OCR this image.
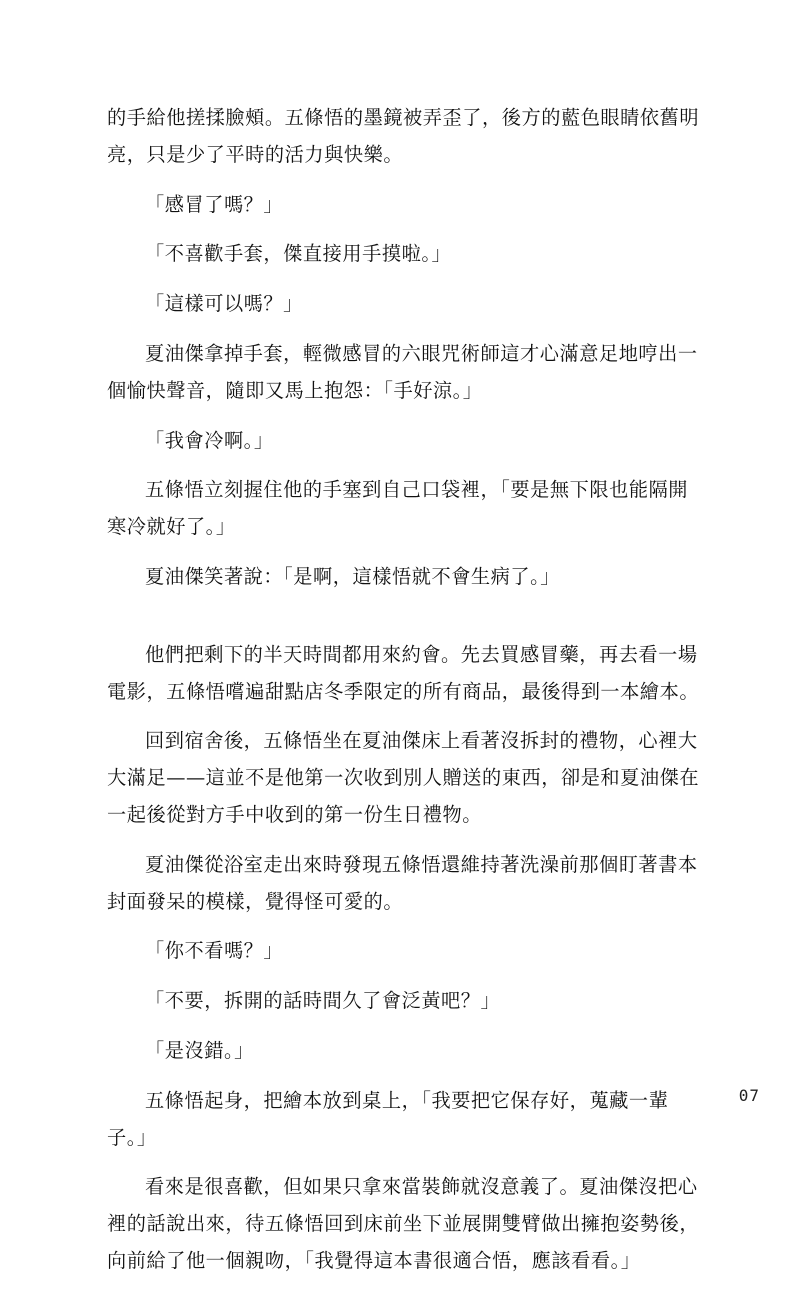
的手給他搓揉臉頰。五條悟的墨鏡被弄歪了，後方的藍色眼睛依舊明亮，只是少了平時的活力與快樂。

「感冒了嗎？」

「不喜歡手套，傑直接用手摸啦。」

「這樣可以嗎？」

夏油傑拿掉手套，輕微感冒的六眼咒術師這才心滿意足地哼出一個愉快聲音，隨即又馬上抱怨：「手好涼。」

「我會冷啊。」

五條悟立刻握住他的手塞到自己口袋裡，「要是無下限也能隔開寒冷就好了。」

夏油傑笑著說：「是啊，這樣悟就不會生病了。」

他們把剩下的半天時間都用來約會。先去買感冒藥，再去看一場電影，五條悟嚐遍甜點店冬季限定的所有商品，最後得到一本繪本。

回到宿舍後，五條悟坐在夏油傑床上看著沒拆封的禮物，心裡大大滿足——這並不是他第一次收到別人贈送的東西，卻是和夏油傑在一起後從對方手中收到的第一份生日禮物。

夏油傑從浴室走出來時發現五條悟還維持著洗澡前那個盯著書本封面發呆的模樣，覺得怪可愛的。

「你不看嗎？」

「不要，拆開的話時間久了會泛黃吧？」

「是沒錯。」

五條悟起身，把繪本放到桌上，「我要把它保存好，蒐藏一輩子。」

看來是很喜歡，但如果只拿來當裝飾就沒意義了。夏油傑沒把心裡的話說出來，待五條悟回到床前坐下並展開雙臂做出擁抱姿勢後，向前給了他一個親吻，「我覺得這本書很適合悟，應該看看。」

07
